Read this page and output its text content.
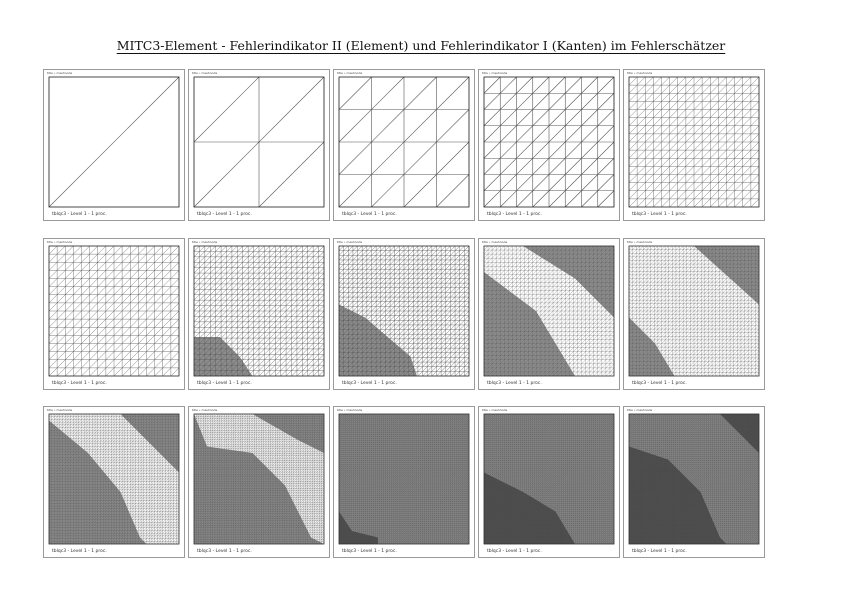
MITC3-Element - Fehlerindikator II (Element) und Fehlerindikator I (Kanten) im Fehlerschätzer
title • meshnode
tblqc3 - Level 1 - 1 proc.
title • meshnode
tblqc3 - Level 1 - 1 proc.
title • meshnode
tblqc3 - Level 1 - 1 proc.
title • meshnode
tblqc3 - Level 1 - 1 proc.
title • meshnode
tblqc3 - Level 1 - 1 proc.
title • meshnode
tblqc3 - Level 1 - 1 proc.
title • meshnode
tblqc3 - Level 1 - 1 proc.
title • meshnode
tblqc3 - Level 1 - 1 proc.
title • meshnode
tblqc3 - Level 1 - 1 proc.
title • meshnode
tblqc3 - Level 1 - 1 proc.
title • meshnode
tblqc3 - Level 1 - 1 proc.
title • meshnode
tblqc3 - Level 1 - 1 proc.
title • meshnode
tblqc3 - Level 1 - 1 proc.
title • meshnode
tblqc3 - Level 1 - 1 proc.
title • meshnode
tblqc3 - Level 1 - 1 proc.
